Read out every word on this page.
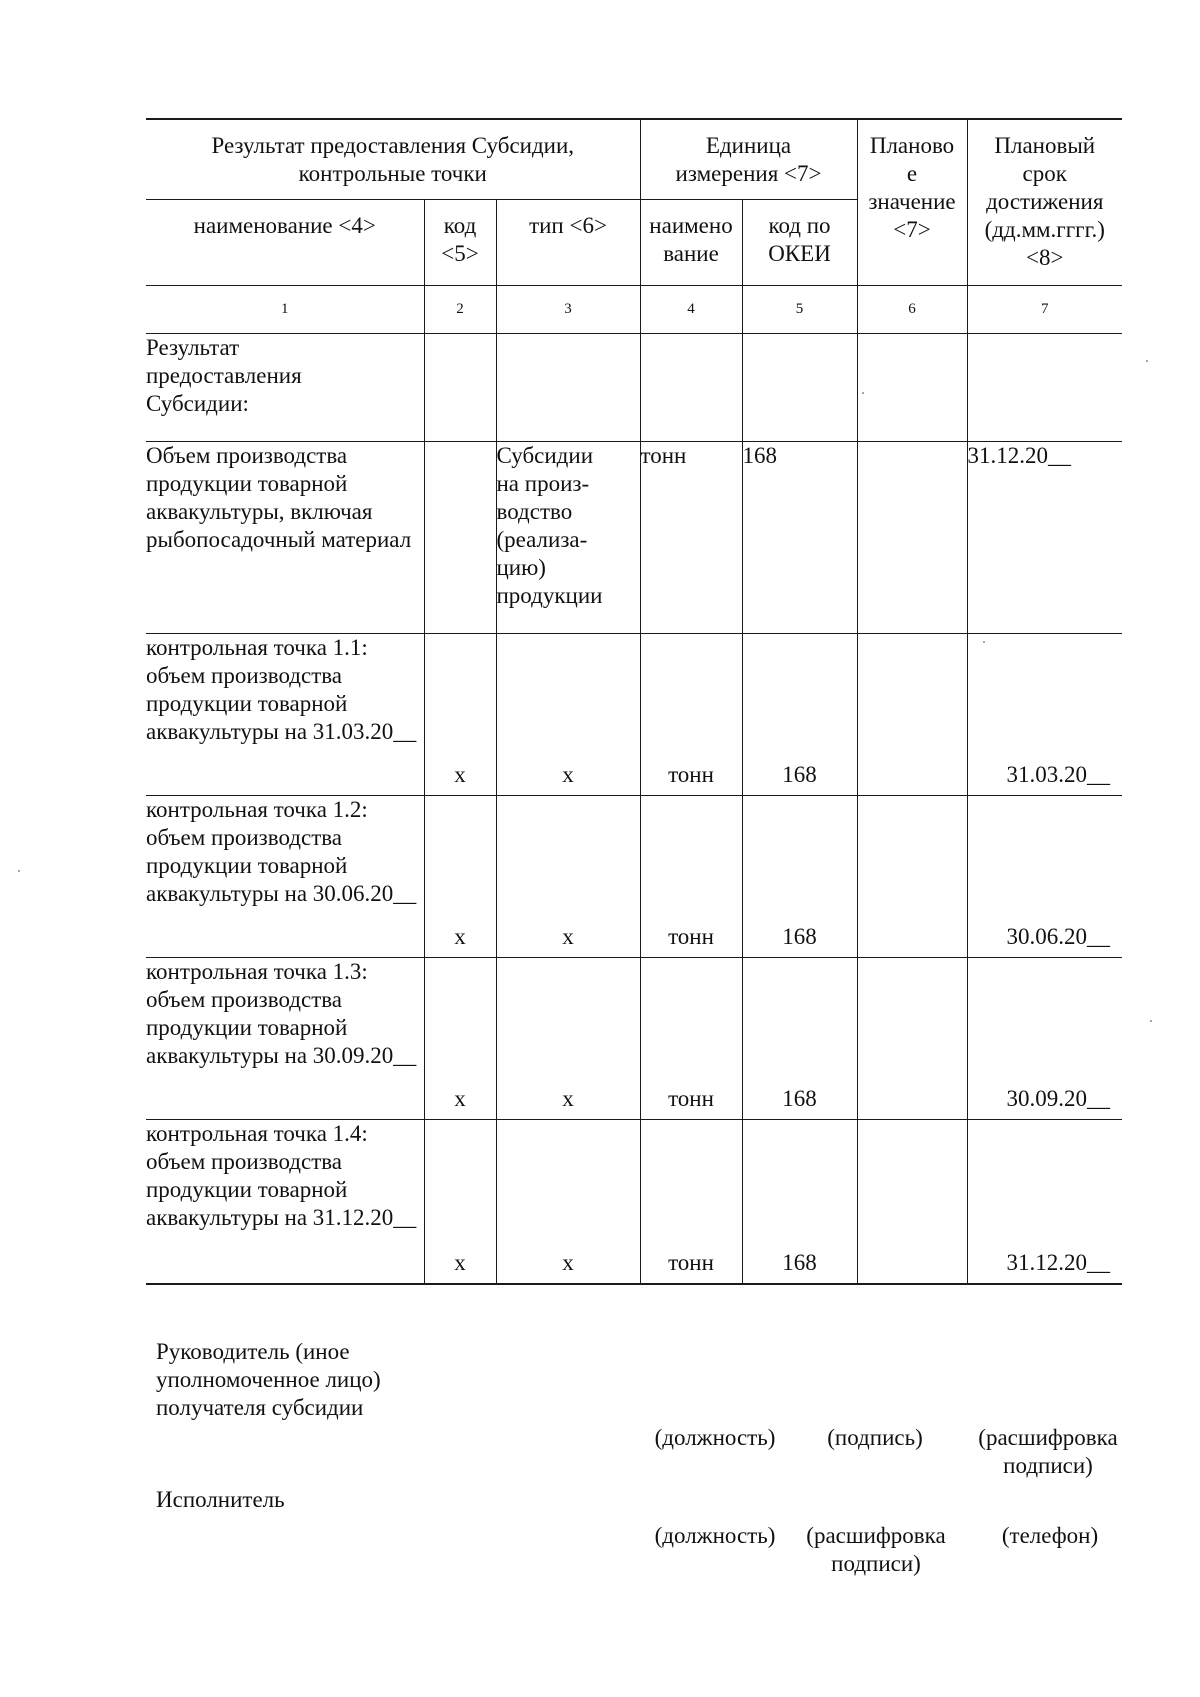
Результат предоставления Субсидии, контрольные точки			Единица измерения <7>		Планово е значение <7>	Плановый срок достижения (дд.мм.гггг.) <8>
наименование <4>	код <5>	тип <6>	наимено вание	код по ОКЕИ		
1	2	3	4	5	6	7
Результат предоставления Субсидии:						
Объем производства продукции товарной аквакультуры, включая рыбопосадочный материал		Субсидии на произ- водство (реализа- цию) продукции	тонн	168		31.12.20__
контрольная точка 1.1: объем производства продукции товарной аквакультуры на 31.03.20__	х	х	тонн	168		31.03.20__
контрольная точка 1.2: объем производства продукции товарной аквакультуры на 30.06.20__	х	х	тонн	168		30.06.20__
контрольная точка 1.3: объем производства продукции товарной аквакультуры на 30.09.20__	х	х	тонн	168		30.09.20__
контрольная точка 1.4: объем производства продукции товарной аквакультуры на 31.12.20__	х	х	тонн	168		31.12.20__
Руководитель (иное уполномоченное лицо) получателя субсидии
(должность)	(подпись)	(расшифровка подписи)
Исполнитель
(должность)	(расшифровка подписи)
(телефон)
